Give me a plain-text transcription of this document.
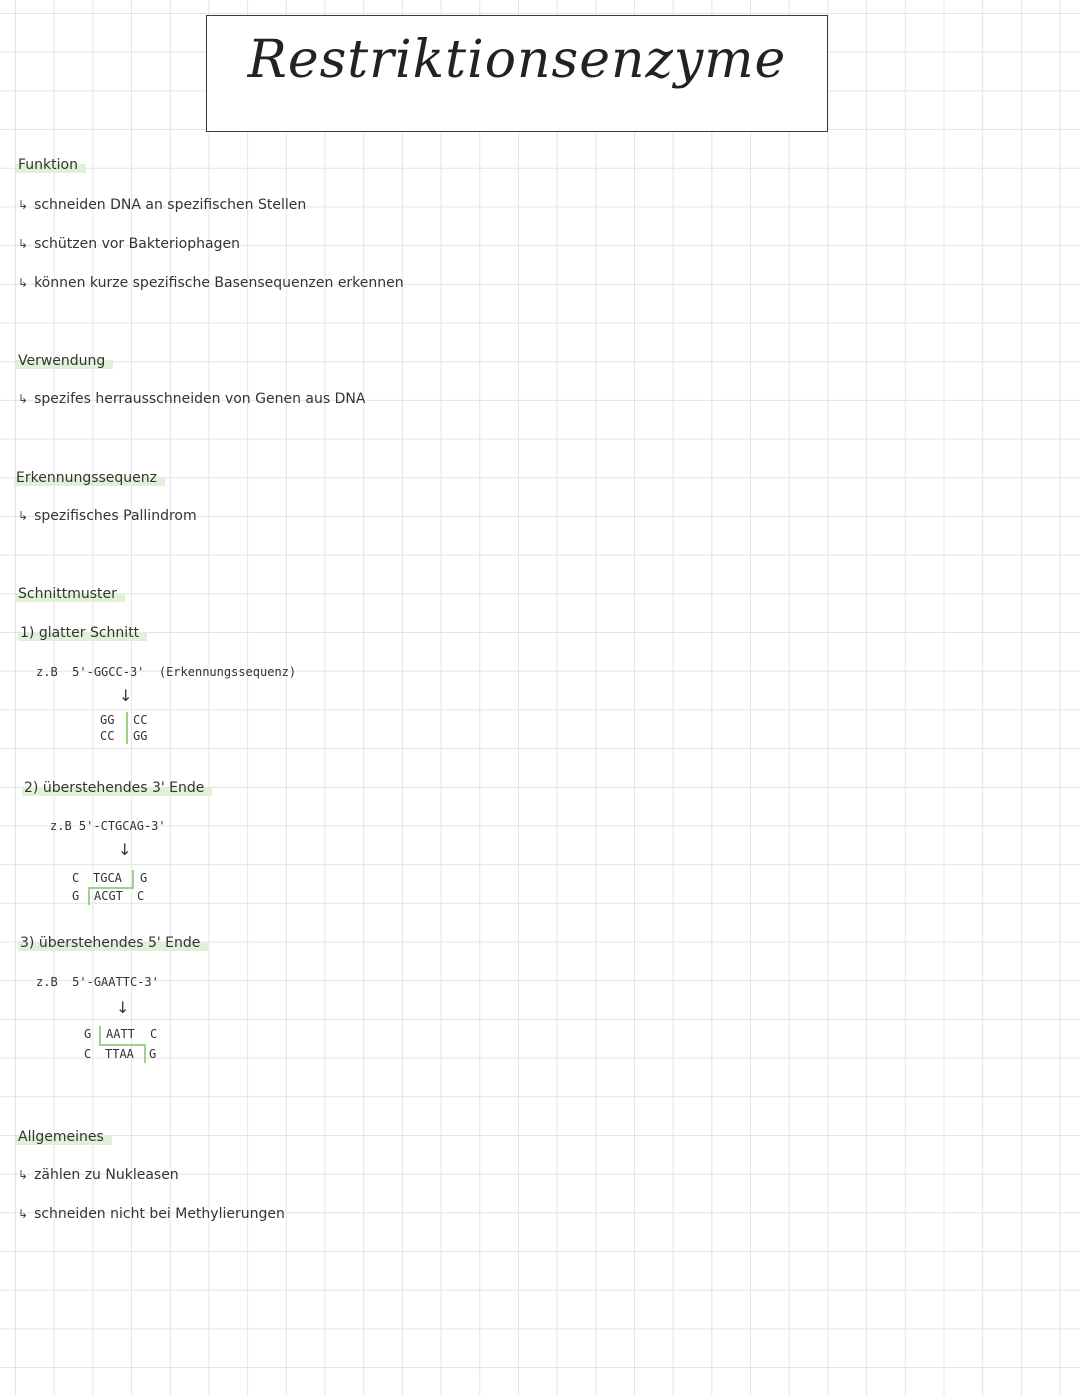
Restriktionsenzyme
Funktion
↳ schneiden DNA an spezifischen Stellen
↳ schützen vor Bakteriophagen
↳ können kurze spezifische Basensequenzen erkennen
Verwendung
↳ spezifes herrausschneiden von Genen aus DNA
Erkennungssequenz
↳ spezifisches Pallindrom
Schnittmuster
1) glatter Schnitt
z.B 5'-GGCC-3' (Erkennungssequenz)
↓
GG CC
CC GG
2) überstehendes 3' Ende
z.B 5'-CTGCAG-3'
↓
C TGCA G
G ACGT C
3) überstehendes 5' Ende
z.B 5'-GAATTC-3'
↓
G AATT C
C TTAA G
Allgemeines
↳ zählen zu Nukleasen
↳ schneiden nicht bei Methylierungen
